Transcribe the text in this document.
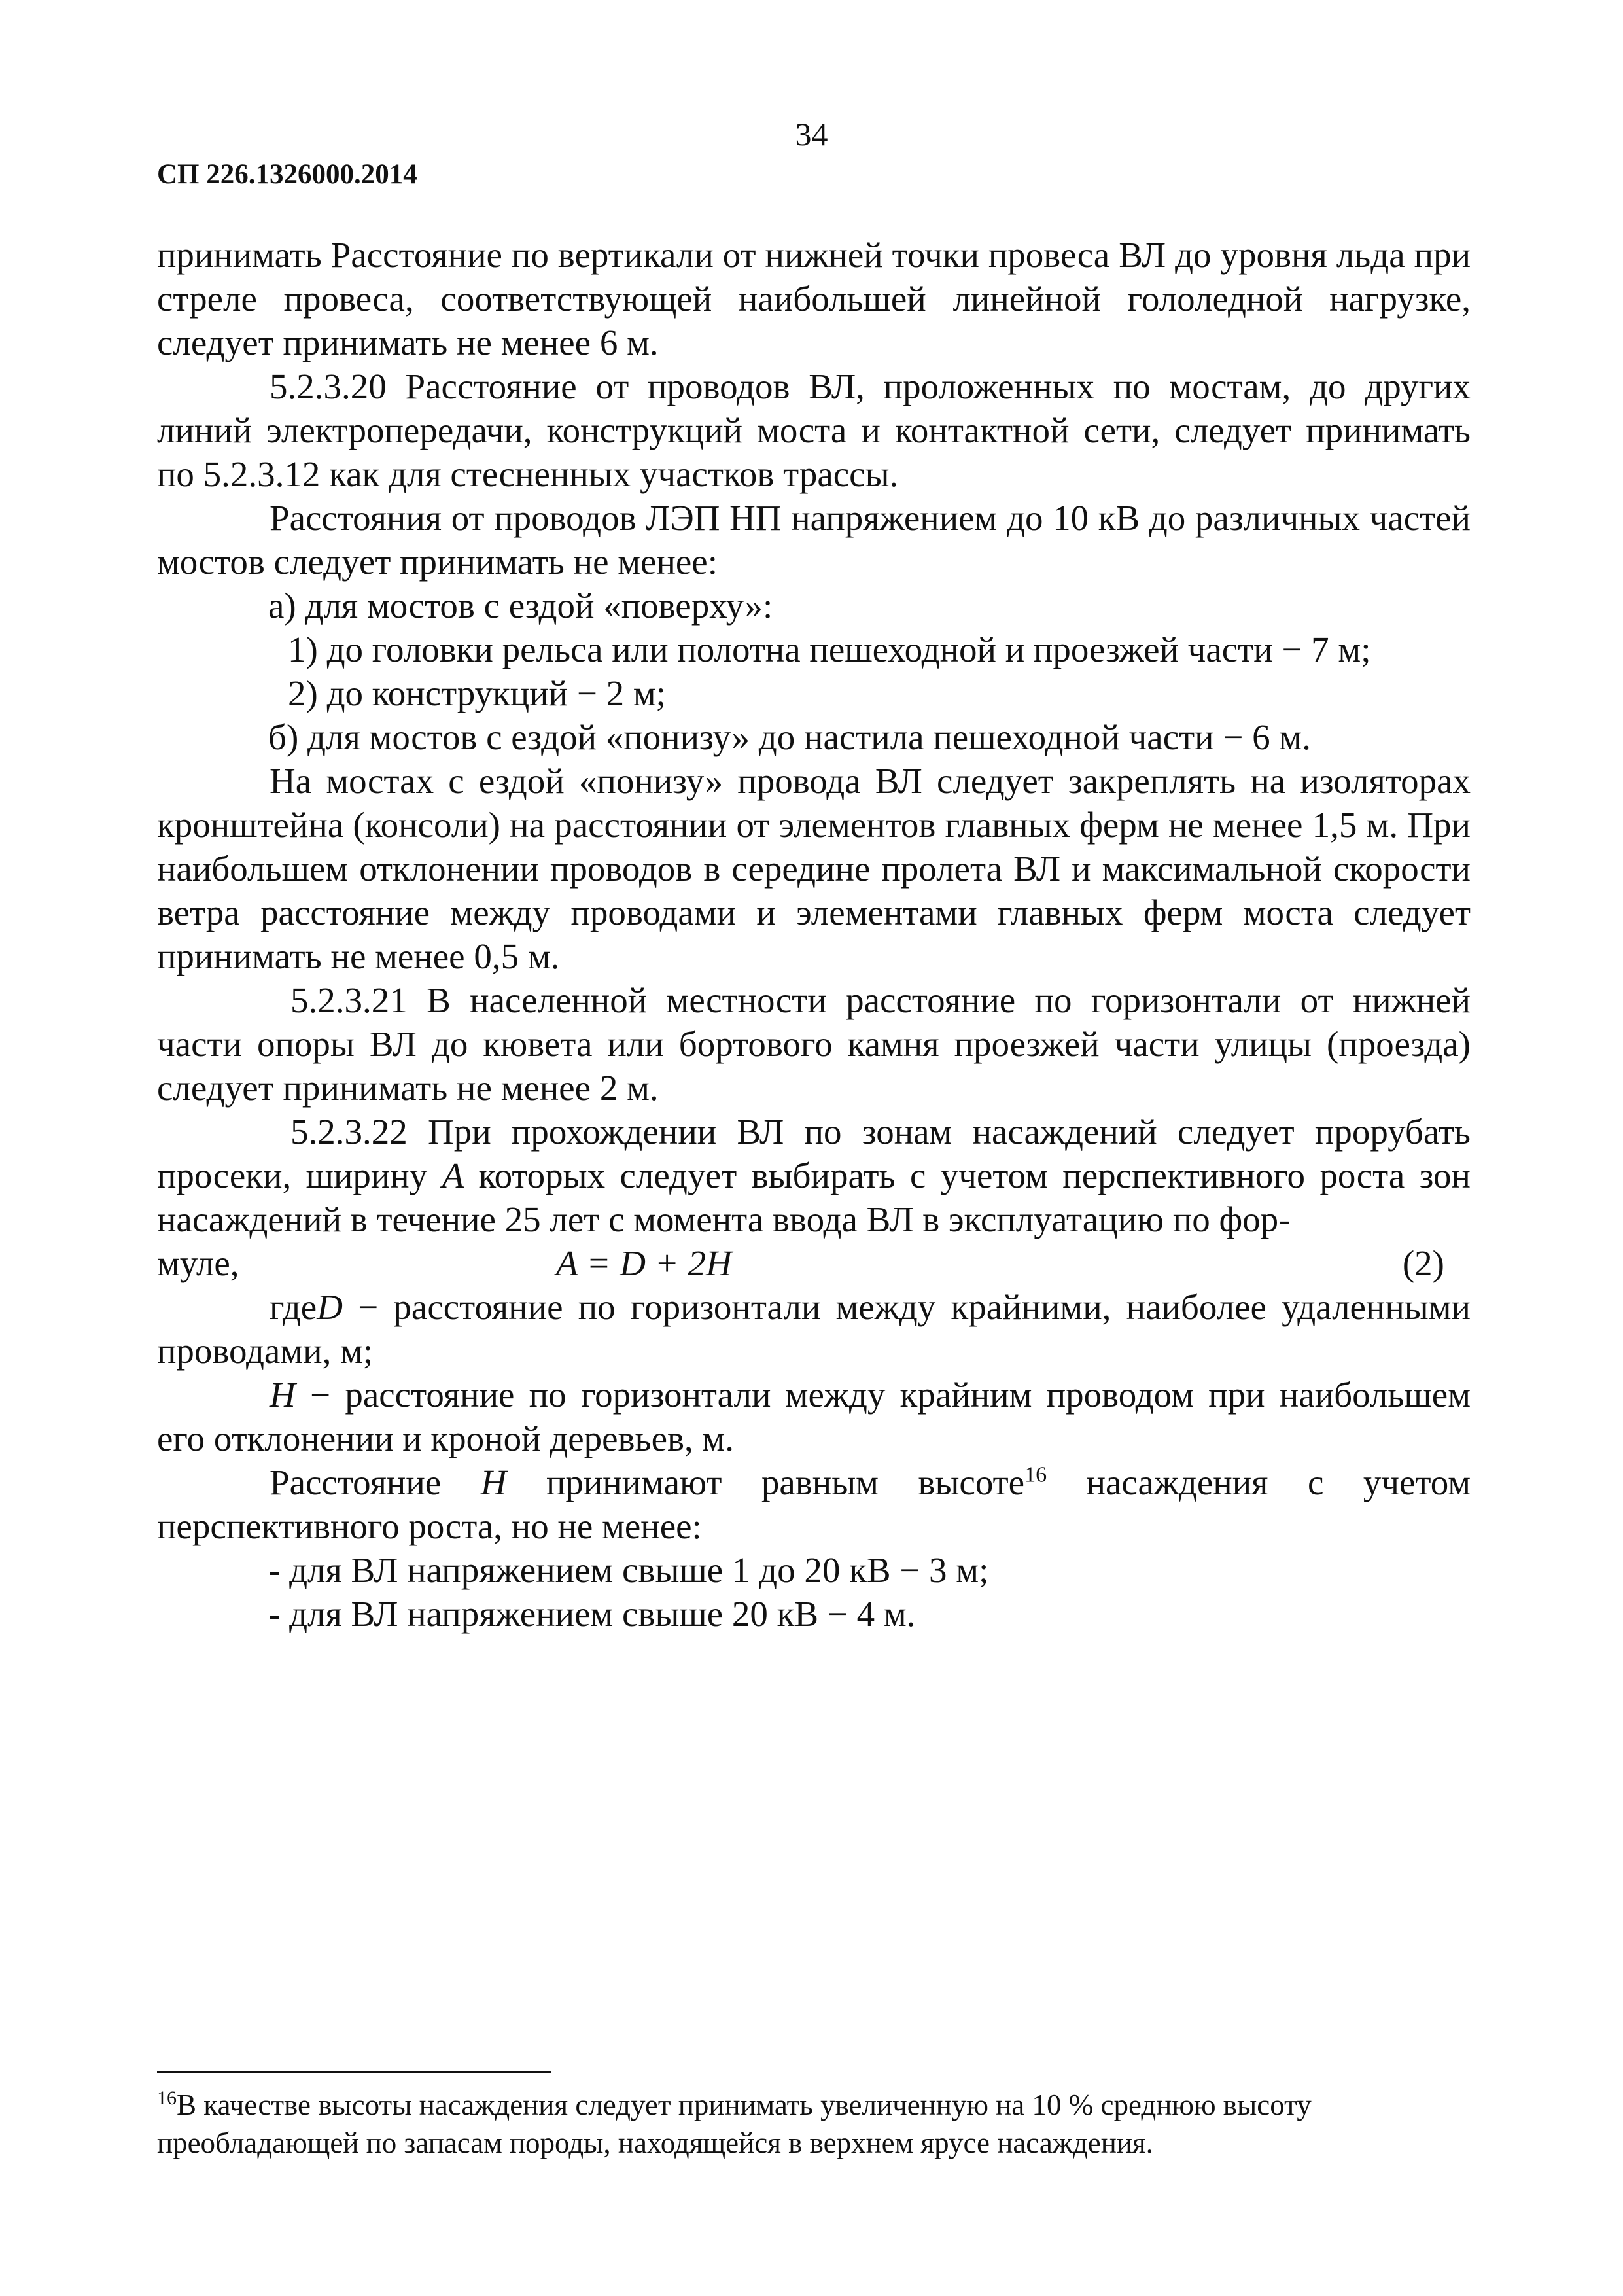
34
СП 226.1326000.2014

принимать Расстояние по вертикали от нижней точки провеса ВЛ до уровня льда при стреле провеса, соответствующей наибольшей линейной гололедной нагрузке, следует принимать не менее 6 м.

5.2.3.20 Расстояние от проводов ВЛ, проложенных по мостам, до других линий электропередачи, конструкций моста и контактной сети, следует принимать по 5.2.3.12 как для стесненных участков трассы.

Расстояния от проводов ЛЭП НП напряжением до 10 кВ до различных частей мостов следует принимать не менее:

а) для мостов с ездой «поверху»:

1) до головки рельса или полотна пешеходной и проезжей части − 7 м;

2) до конструкций − 2 м;

б) для мостов с ездой «понизу» до настила пешеходной части − 6 м.

На мостах с ездой «понизу» провода ВЛ следует закреплять на изоляторах кронштейна (консоли) на расстоянии от элементов главных ферм не менее 1,5 м. При наибольшем отклонении проводов в середине пролета ВЛ и максимальной скорости ветра расстояние между проводами и элементами главных ферм моста следует принимать не менее 0,5 м.

5.2.3.21 В населенной местности расстояние по горизонтали от нижней части опоры ВЛ до кювета или бортового камня проезжей части улицы (проезда) следует принимать не менее 2 м.

5.2.3.22 При прохождении ВЛ по зонам насаждений следует прорубать просеки, ширину A которых следует выбирать с учетом перспективного роста зон насаждений в течение 25 лет с момента ввода ВЛ в эксплуатацию по фор-

муле,	A = D + 2H	(2)

гдеD − расстояние по горизонтали между крайними, наиболее удаленными проводами, м;

H − расстояние по горизонтали между крайним проводом при наибольшем его отклонении и кроной деревьев, м.

Расстояние H принимают равным высоте$^{16}$ насаждения с учетом перспективного роста, но не менее:

- для ВЛ напряжением свыше 1 до 20 кВ − 3 м;

- для ВЛ напряжением свыше 20 кВ − 4 м.

$^{16}$В качестве высоты насаждения следует принимать увеличенную на 10 % среднюю высоту преобладающей по запасам породы, находящейся в верхнем ярусе насаждения.
